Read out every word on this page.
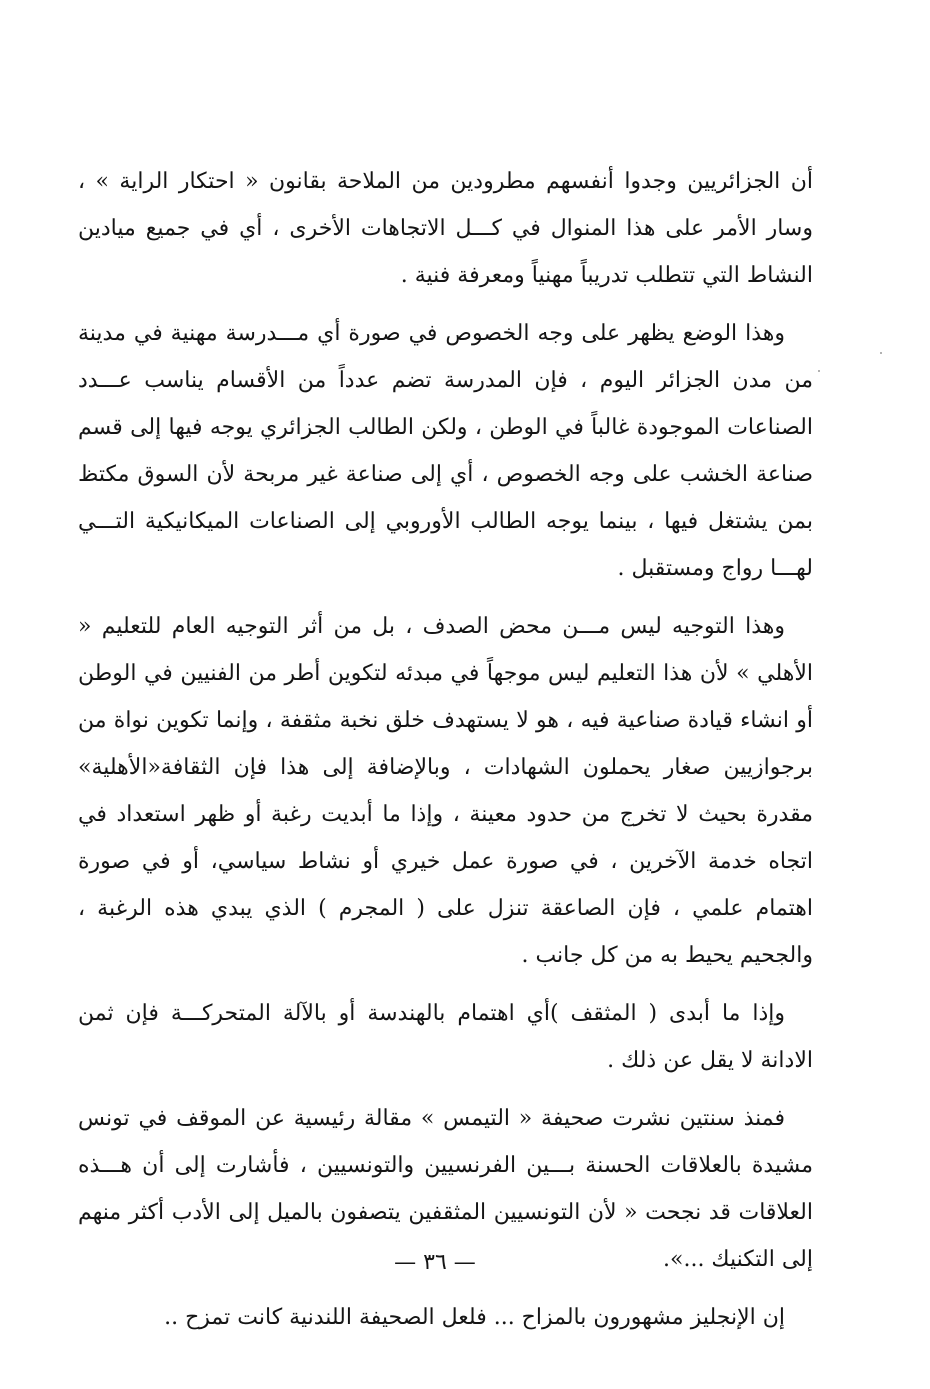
أن الجزائريين وجدوا أنفسهم مطرودين من الملاحة بقانون « احتكار الراية » ، وسار الأمر على هذا المنوال في كـــل الاتجاهات الأخرى ، أي في جميع ميادين النشاط التي تتطلب تدريباً مهنياً ومعرفة فنية .

وهذا الوضع يظهر على وجه الخصوص في صورة أي مـــدرسة مهنية في مدينة من مدن الجزائر اليوم ، فإن المدرسة تضم عدداً من الأقسام يناسب عـــدد الصناعات الموجودة غالباً في الوطن ، ولكن الطالب الجزائري يوجه فيها إلى قسم صناعة الخشب على وجه الخصوص ، أي إلى صناعة غير مربحة لأن السوق مكتظ بمن يشتغل فيها ، بينما يوجه الطالب الأوروبي إلى الصناعات الميكانيكية التـــي لهـــا رواج ومستقبل .

وهذا التوجيه ليس مـــن محض الصدف ، بل من أثر التوجيه العام للتعليم « الأهلي » لأن هذا التعليم ليس موجهاً في مبدئه لتكوين أطر من الفنيين في الوطن أو انشاء قيادة صناعية فيه ، هو لا يستهدف خلق نخبة مثقفة ، وإنما تكوين نواة من برجوازيين صغار يحملون الشهادات ، وبالإضافة إلى هذا فإن الثقافة«الأهلية» مقدرة بحيث لا تخرج من حدود معينة ، وإذا ما أبديت رغبة أو ظهر استعداد في اتجاه خدمة الآخرين ، في صورة عمل خيري أو نشاط سياسي، أو في صورة اهتمام علمي ، فإن الصاعقة تنزل على ( المجرم ) الذي يبدي هذه الرغبة ، والجحيم يحيط به من كل جانب .

وإذا ما أبدى ( المثقف )أي اهتمام بالهندسة أو بالآلة المتحركـــة فإن ثمن الادانة لا يقل عن ذلك .

فمنذ سنتين نشرت صحيفة « التيمس » مقالة رئيسية عن الموقف في تونس مشيدة بالعلاقات الحسنة بـــين الفرنسيين والتونسيين ، فأشارت إلى أن هـــذه العلاقات قد نجحت « لأن التونسيين المثقفين يتصفون بالميل إلى الأدب أكثر منهم إلى التكنيك ...».

إن الإنجليز مشهورون بالمزاح ... فلعل الصحيفة اللندنية كانت تمزح ..

— ٣٦ —
